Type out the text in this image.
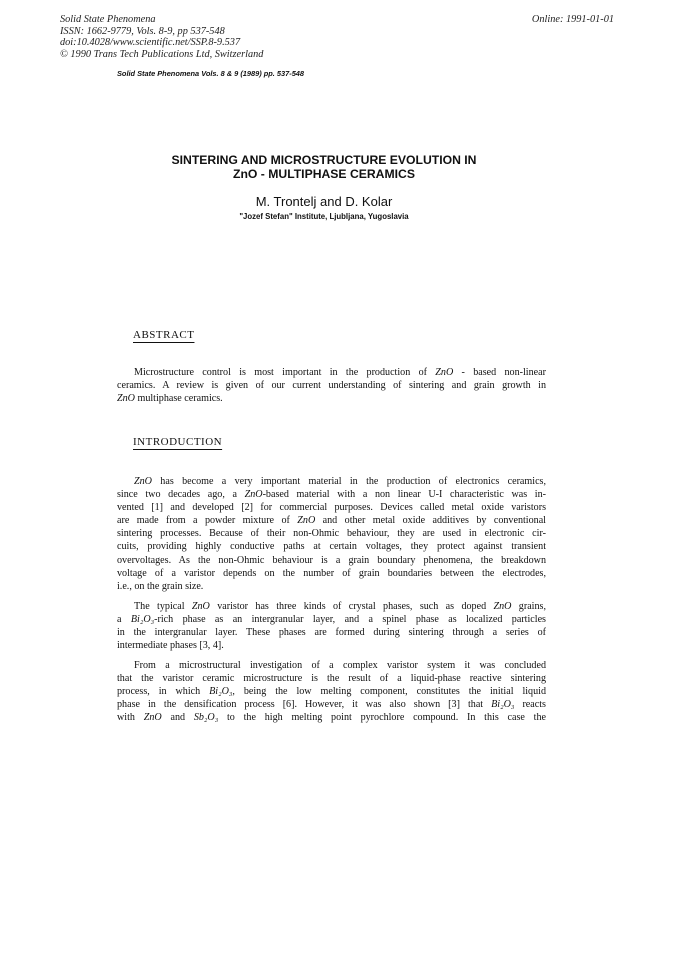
Solid State Phenomena
ISSN: 1662-9779, Vols. 8-9, pp 537-548
doi:10.4028/www.scientific.net/SSP.8-9.537
© 1990 Trans Tech Publications Ltd, Switzerland
Online: 1991-01-01
Solid State Phenomena Vols. 8 & 9 (1989) pp. 537-548
SINTERING AND MICROSTRUCTURE EVOLUTION IN
ZnO - MULTIPHASE CERAMICS
M. Trontelj and D. Kolar
"Jozef Stefan" Institute, Ljubljana, Yugoslavia
ABSTRACT
Microstructure control is most important in the production of ZnO - based non-linear
ceramics. A review is given of our current understanding of sintering and grain growth in
ZnO multiphase ceramics.
INTRODUCTION
ZnO has become a very important material in the production of electronics ceramics,
since two decades ago, a ZnO-based material with a non linear U-I characteristic was in-
vented [1] and developed [2] for commercial purposes. Devices called metal oxide varistors
are made from a powder mixture of ZnO and other metal oxide additives by conventional
sintering processes. Because of their non-Ohmic behaviour, they are used in electronic cir-
cuits, providing highly conductive paths at certain voltages, they protect against transient
overvoltages. As the non-Ohmic behaviour is a grain boundary phenomena, the breakdown
voltage of a varistor depends on the number of grain boundaries between the electrodes,
i.e., on the grain size.
The typical ZnO varistor has three kinds of crystal phases, such as doped ZnO grains,
a Bi₂O₃-rich phase as an intergranular layer, and a spinel phase as localized particles
in the intergranular layer. These phases are formed during sintering through a series of
intermediate phases [3, 4].
From a microstructural investigation of a complex varistor system it was concluded
that the varistor ceramic microstructure is the result of a liquid-phase reactive sintering
process, in which Bi₂O₃, being the low melting component, constitutes the initial liquid
phase in the densification process [6]. However, it was also shown [3] that Bi₂O₃ reacts
with ZnO and Sb₂O₃ to the high melting point pyrochlore compound. In this case the
